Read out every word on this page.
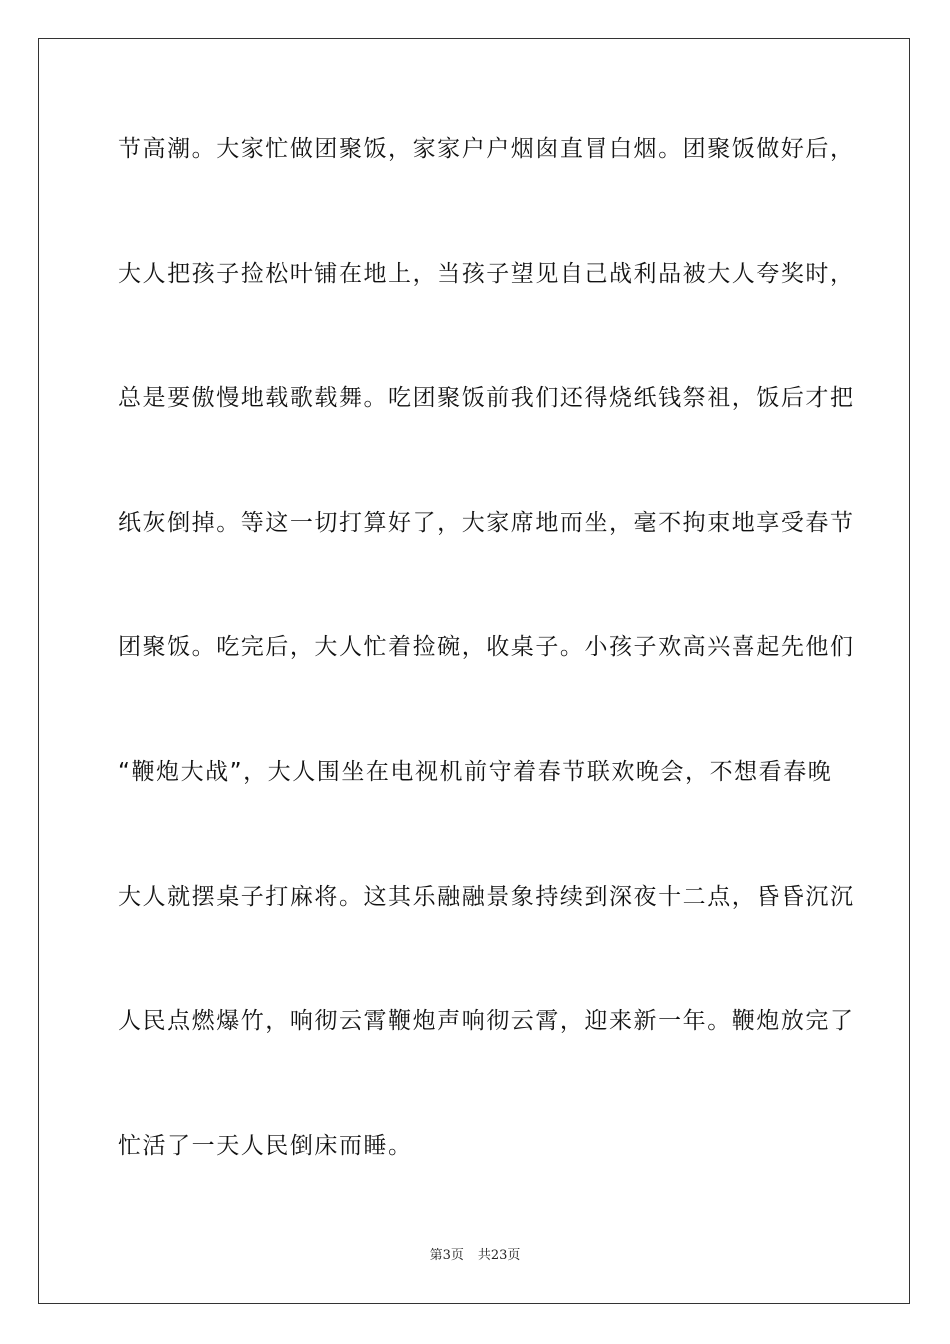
节高潮。大家忙做团聚饭，家家户户烟囱直冒白烟。团聚饭做好后，
大人把孩子捡松叶铺在地上，当孩子望见自己战利品被大人夸奖时，
总是要傲慢地载歌载舞。吃团聚饭前我们还得烧纸钱祭祖，饭后才把
纸灰倒掉。等这一切打算好了，大家席地而坐，毫不拘束地享受春节
团聚饭。吃完后，大人忙着捡碗，收桌子。小孩子欢高兴喜起先他们
“鞭炮大战”，大人围坐在电视机前守着春节联欢晚会，不想看春晚
大人就摆桌子打麻将。这其乐融融景象持续到深夜十二点，昏昏沉沉
人民点燃爆竹，响彻云霄鞭炮声响彻云霄，迎来新一年。鞭炮放完了
忙活了一天人民倒床而睡。
第3页 共23页
